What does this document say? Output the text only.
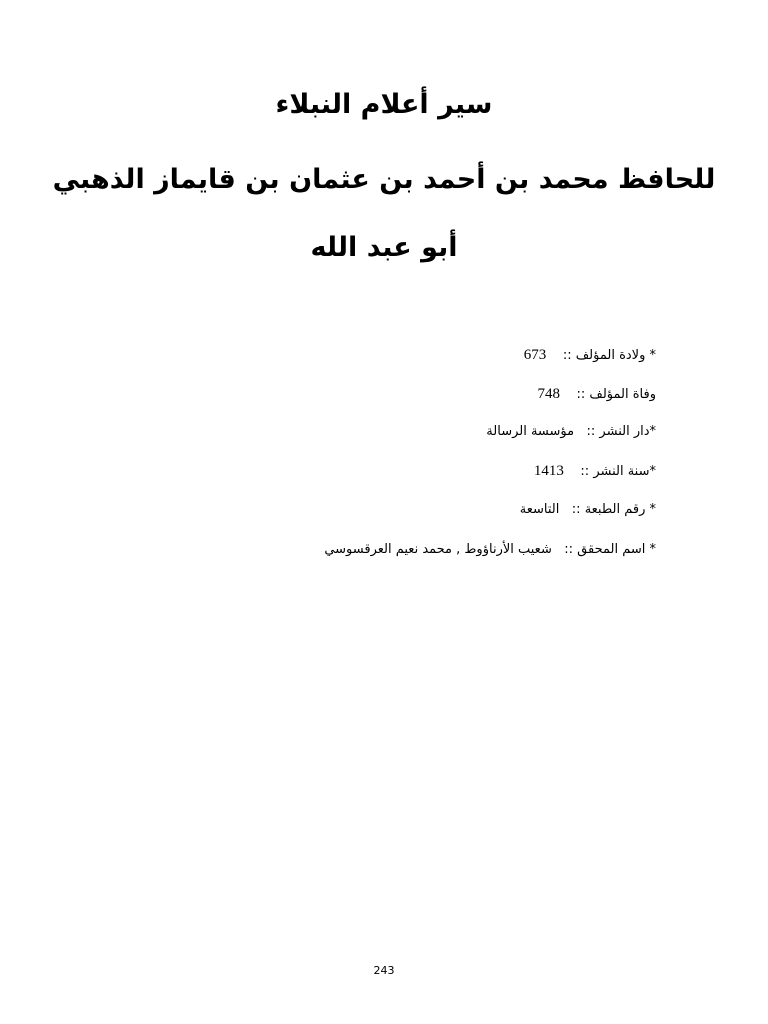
سير أعلام النبلاء
للحافظ محمد بن أحمد بن عثمان بن قايماز الذهبي
أبو عبد الله
* ولادة المؤلف ::    673
وفاة المؤلف ::    748
*دار النشر ::   مؤسسة الرسالة
*سنة النشر ::    1413
* رقم الطبعة ::   التاسعة
* اسم المحقق ::   شعيب الأرناؤوط , محمد نعيم العرقسوسي
243
